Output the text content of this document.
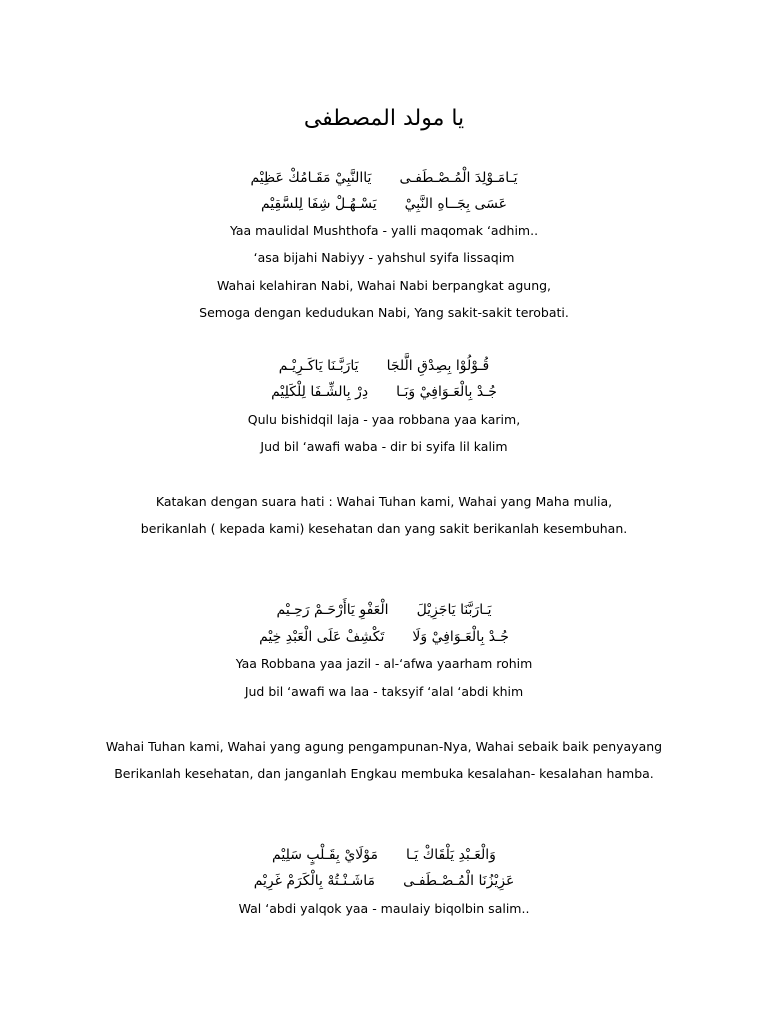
يا مولد المصطفى
يَـامَـوْلِدَ الْمُـصْـطَفـىيَاالنَّبِيْ مَقَـامُكْ عَظِيْم
عَسَى بِجَــاهِ النَّبِيْيَسْـهُـلْ شِفَا لِلسَّقِيْم
Yaa maulidal Mushthofa - yalli maqomak ‘adhim..
‘asa bijahi Nabiyy - yahshul syifa lissaqim
Wahai kelahiran Nabi, Wahai Nabi berpangkat agung,
Semoga dengan kedudukan Nabi, Yang sakit-sakit terobati.
قُـوْلُوْا بِصِدْقِ الَّلجَايَارَبَّـنَا يَاكَـرِيْـم
جُـدْ بِالْعَـوَافِيْ وَبَـادِرْ بِالشِّـفَا لِلْكَلِيْم
Qulu bishidqil laja - yaa robbana yaa karim,
Jud bil ‘awafi waba - dir bi syifa lil kalim
Katakan dengan suara hati : Wahai Tuhan kami, Wahai yang Maha mulia,
berikanlah ( kepada kami) kesehatan dan yang sakit berikanlah kesembuhan.
يَـارَبَّنَا يَاجَزِيْلَالْعَفْوِ يَاأَرْحَـمْ رَحِـيْم
جُـدْ بِالْعَـوَافِيْ وَلَاتَكْشِفْ عَلَى الْعَبْدِ خِيْم
Yaa Robbana yaa jazil - al-‘afwa yaarham rohim
Jud bil ‘awafi wa laa - taksyif ‘alal ‘abdi khim
Wahai Tuhan kami, Wahai yang agung pengampunan-Nya, Wahai sebaik baik penyayang
Berikanlah kesehatan, dan janganlah Engkau membuka kesalahan- kesalahan hamba.
وَالْعَـبْدِ يَلْقَاكْ يَـامَوْلَايْ بِقَـلْبٍ سَلِيْم
عَزِيْزُنَا الْمُـصْـطَفـىمَاشَـنْـتُهْ بِالْكَرَمْ غَرِيْم
Wal ‘abdi yalqok yaa - maulaiy biqolbin salim..
